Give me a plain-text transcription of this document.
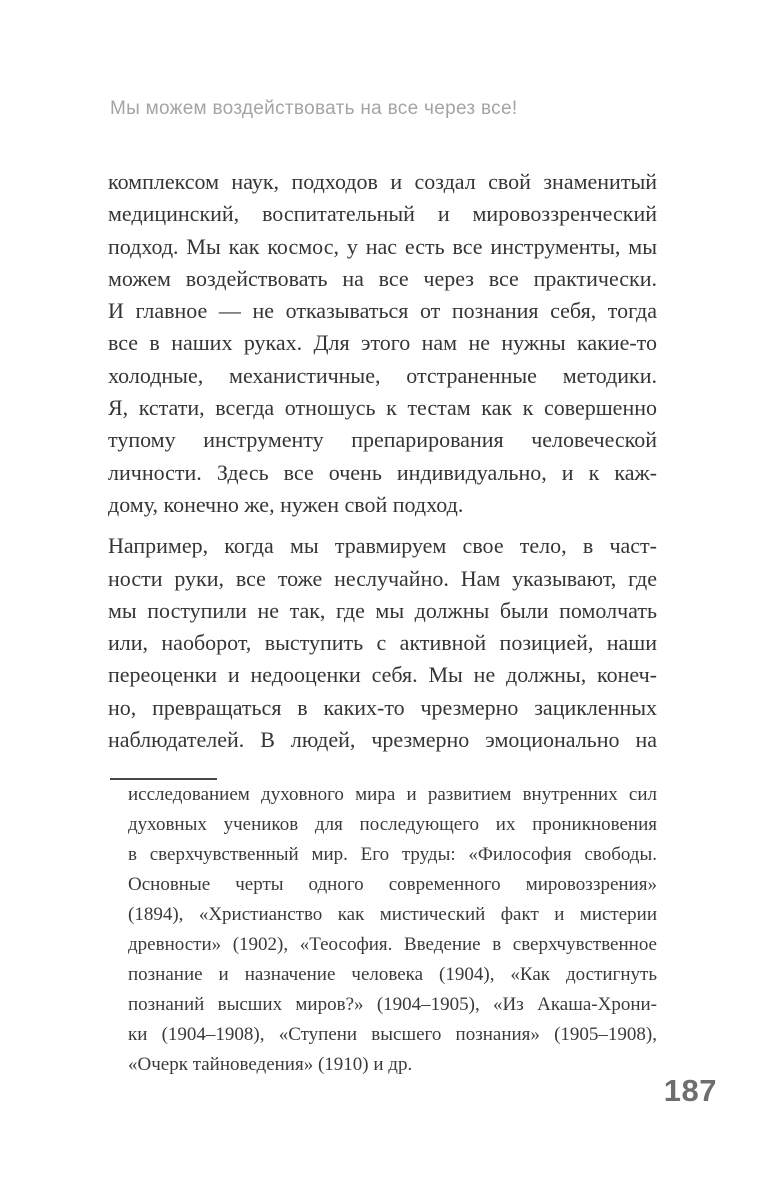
Мы можем воздействовать на все через все!
комплексом наук, подходов и создал свой знаменитый
медицинский, воспитательный и мировоззренческий
подход. Мы как космос, у нас есть все инструменты, мы
можем воздействовать на все через все практически.
И главное — не отказываться от познания себя, тогда
все в наших руках. Для этого нам не нужны какие-то
холодные, механистичные, отстраненные методики.
Я, кстати, всегда отношусь к тестам как к совершенно
тупому инструменту препарирования человеческой
личности. Здесь все очень индивидуально, и к каж-
дому, конечно же, нужен свой подход.
Например, когда мы травмируем свое тело, в част-
ности руки, все тоже неслучайно. Нам указывают, где
мы поступили не так, где мы должны были помолчать
или, наоборот, выступить с активной позицией, наши
переоценки и недооценки себя. Мы не должны, конеч-
но, превращаться в каких-то чрезмерно зацикленных
наблюдателей. В людей, чрезмерно эмоционально на
исследованием духовного мира и развитием внутренних сил
духовных учеников для последующего их проникновения
в сверхчувственный мир. Его труды: «Философия свободы.
Основные черты одного современного мировоззрения»
(1894), «Христианство как мистический факт и мистерии
древности» (1902), «Теософия. Введение в сверхчувственное
познание и назначение человека (1904), «Как достигнуть
познаний высших миров?» (1904–1905), «Из Акаша-Хрони-
ки (1904–1908), «Ступени высшего познания» (1905–1908),
«Очерк тайноведения» (1910) и др.
187
